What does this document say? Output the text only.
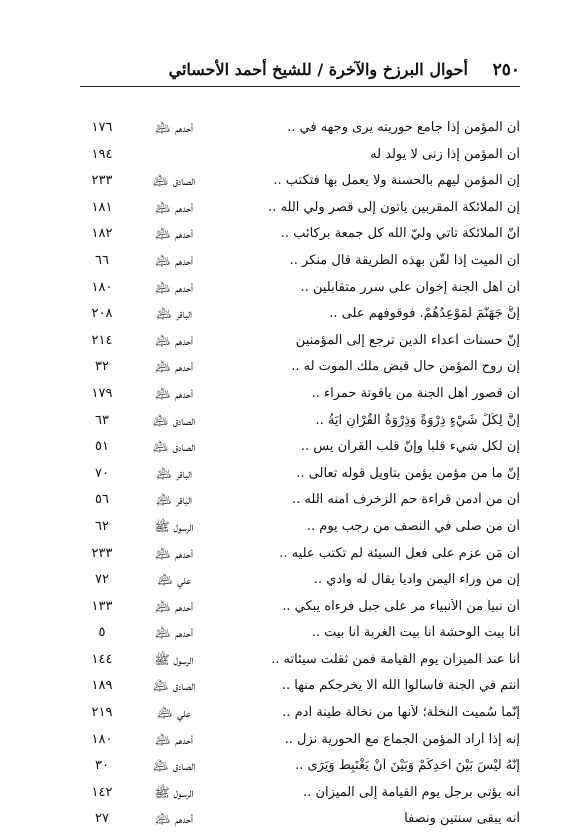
٢٥٠
أحوال البرزخ والآخرة / للشيخ أحمد الأحسائي
أن المؤمن إذا جامع حوريته يرى وجهه في ..
أحدهم ﵇
١٧٦
أن المؤمن إذا زنى لا يولد له
١٩٤
إن المؤمن ليهم بالحسنة ولا يعمل بها فتكتب ..
الصادق ﵇
٢٣٣
إن الملائكة المقربين يأتون إلى قصر ولي الله ..
أحدهم ﵇
١٨١
أنّ الملائكة تأتي وليّ الله كل جمعة بركائب ..
أحدهم ﵇
١٨٢
أن الميت إذا لُقّن بهذه الطريقة قال منكر ..
أحدهم ﵇
٦٦
أن أهل الجنة إخوان على سرر متقابلين ..
أحدهم ﵇
١٨٠
إِنَّ جَهَنَّمَ لَمَوْعِدُهُمْ. فوقوفهم على ..
الباقر ﵇
٢٠٨
إنّ حسنات أعداء الدين ترجع إلى المؤمنين
أحدهم ﵇
٢١٤
إن روح المؤمن حال قبض ملك الموت له ..
أحدهم ﵇
٣٢
أن قصور أهل الجنة من ياقوتة حمراء ..
أحدهم ﵇
١٧٩
إِنَّ لِكُلِّ شَيْءٍ ذِرْوَةً وَذِرْوَةُ القُرْآنِ آيَةُ ..
الصادق ﵇
٦٣
إن لكل شيء قلباً وإنّ قلب القرآن يس ..
الصادق ﵇
٥١
إنّ ما من مؤمن يؤمن بتأويل قوله تعالى ..
الباقر ﵇
٧٠
أن من أدمن قراءة حم الزخرف آمنه الله ..
الباقر ﵇
٥٦
أن من صلى في النصف من رجب يوم ..
الرسول ﷺ
٦٢
أن مَن عزم على فعل السيئة لم تكتب عليه ..
أحدهم ﵇
٢٣٣
إن من وراء اليمن وادياً يقال له وادي ..
علي ﵇
٧٢
أن نبياً من الأنبياء مر على جبل فرءاه يبكي ..
أحدهم ﵇
١٣٣
أنا بيت الوحشة أنا بيت الغربة أنا بيت ..
أحدهم ﵇
٥
أنا عند الميزان يوم القيامة فمن ثقلت سيئاته ..
الرسول ﷺ
١٤٤
أنتم في الجنة فاسألوا الله ألا يخرجكم منها ..
الصادق ﵇
١٨٩
إنّما سُميت النخلة؛ لأنها من نخالة طينة آدم ..
علي ﵇
٢١٩
إنه إذا أراد المؤمن الجماع مع الحورية نزل ..
أحدهم ﵇
١٨٠
إِنَّهُ لَيْسَ بَيْنَ أَحَدِكُمْ وَبَيْنَ أَنْ يَغْتَبِطَ وَيَرَى ..
الصادق ﵇
٣٠
أنه يؤتى برجل يوم القيامة إلى الميزان ..
الرسول ﷺ
١٤٢
أنه يبقى سنتين ونصفاً
أحدهم ﵇
٢٧
